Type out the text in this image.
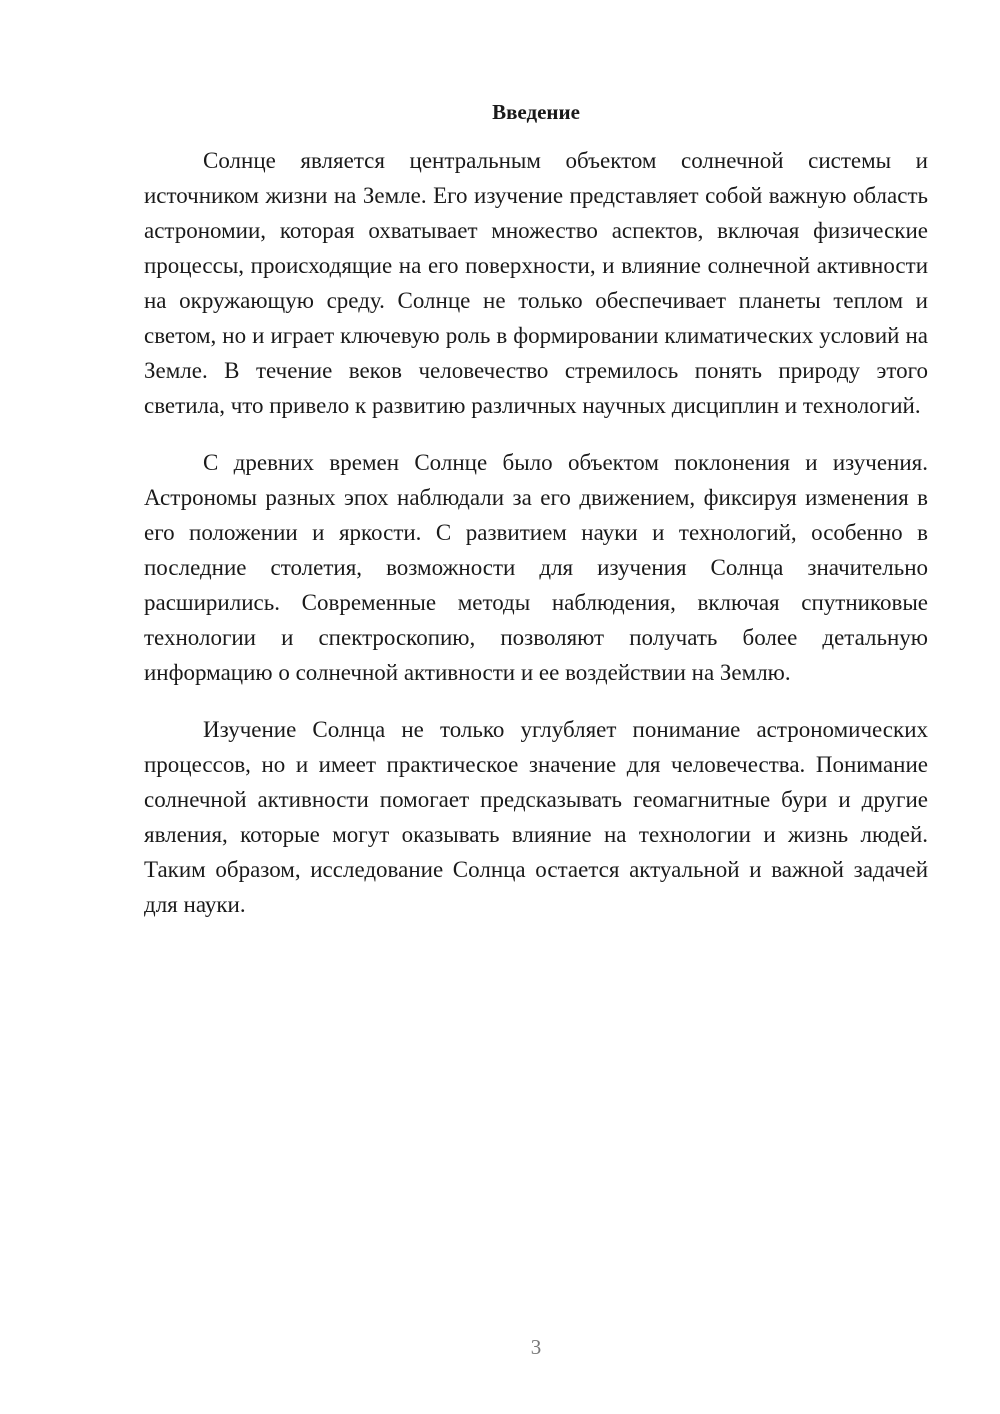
Введение

Солнце является центральным объектом солнечной системы и источником жизни на Земле. Его изучение представляет собой важную область астрономии, которая охватывает множество аспектов, включая физические процессы, происходящие на его поверхности, и влияние солнечной активности на окружающую среду. Солнце не только обеспечивает планеты теплом и светом, но и играет ключевую роль в формировании климатических условий на Земле. В течение веков человечество стремилось понять природу этого светила, что привело к развитию различных научных дисциплин и технологий.

С древних времен Солнце было объектом поклонения и изучения. Астрономы разных эпох наблюдали за его движением, фиксируя изменения в его положении и яркости. С развитием науки и технологий, особенно в последние столетия, возможности для изучения Солнца значительно расширились. Современные методы наблюдения, включая спутниковые технологии и спектроскопию, позволяют получать более детальную информацию о солнечной активности и ее воздействии на Землю.

Изучение Солнца не только углубляет понимание астрономических процессов, но и имеет практическое значение для человечества. Понимание солнечной активности помогает предсказывать геомагнитные бури и другие явления, которые могут оказывать влияние на технологии и жизнь людей. Таким образом, исследование Солнца остается актуальной и важной задачей для науки.

3
